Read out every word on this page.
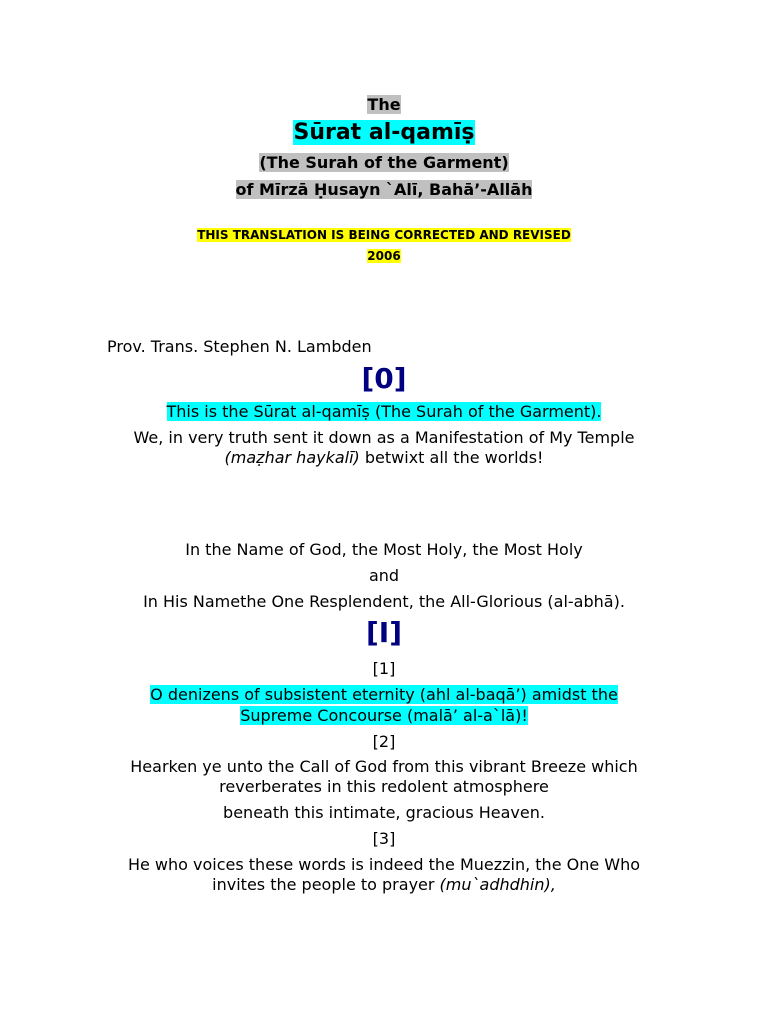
The
Sūrat al-qamīṣ
(The Surah of the Garment)
of Mīrzā Ḥusayn `Alī, Bahā’-Allāh
THIS TRANSLATION IS BEING CORRECTED AND REVISED
2006
Prov. Trans. Stephen N. Lambden
[0]
This is the Sūrat al-qamīṣ (The Surah of the Garment).
We, in very truth sent it down as a Manifestation of My Temple
(maẓhar haykalī) betwixt all the worlds!
In the Name of God, the Most Holy, the Most Holy
and
In His Namethe One Resplendent, the All-Glorious (al-abhā).
[I]
[1]
O denizens of subsistent eternity (ahl al-baqā’) amidst the
Supreme Concourse (malā’ al-a`lā)!
[2]
Hearken ye unto the Call of God from this vibrant Breeze which
reverberates in this redolent atmosphere
beneath this intimate, gracious Heaven.
[3]
He who voices these words is indeed the Muezzin, the One Who
invites the people to prayer (mu`adhdhin),
